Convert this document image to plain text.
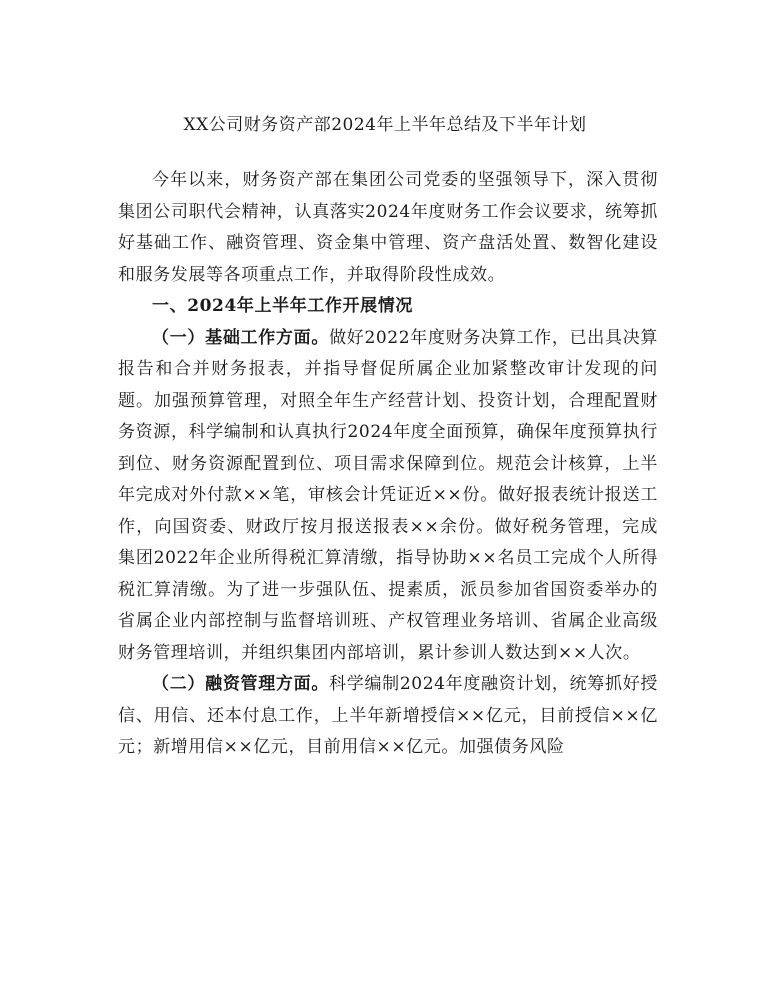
XX公司财务资产部2024年上半年总结及下半年计划

今年以来，财务资产部在集团公司党委的坚强领导下，深入贯彻集团公司职代会精神，认真落实2024年度财务工作会议要求，统筹抓好基础工作、融资管理、资金集中管理、资产盘活处置、数智化建设和服务发展等各项重点工作，并取得阶段性成效。

一、2024年上半年工作开展情况

（一）基础工作方面。做好2022年度财务决算工作，已出具决算报告和合并财务报表，并指导督促所属企业加紧整改审计发现的问题。加强预算管理，对照全年生产经营计划、投资计划，合理配置财务资源，科学编制和认真执行2024年度全面预算，确保年度预算执行到位、财务资源配置到位、项目需求保障到位。规范会计核算，上半年完成对外付款××笔，审核会计凭证近××份。做好报表统计报送工作，向国资委、财政厅按月报送报表××余份。做好税务管理，完成集团2022年企业所得税汇算清缴，指导协助××名员工完成个人所得税汇算清缴。为了进一步强队伍、提素质，派员参加省国资委举办的省属企业内部控制与监督培训班、产权管理业务培训、省属企业高级财务管理培训，并组织集团内部培训，累计参训人数达到××人次。

（二）融资管理方面。科学编制2024年度融资计划，统筹抓好授信、用信、还本付息工作，上半年新增授信××亿元，目前授信××亿元；新增用信××亿元，目前用信××亿元。加强债务风险
